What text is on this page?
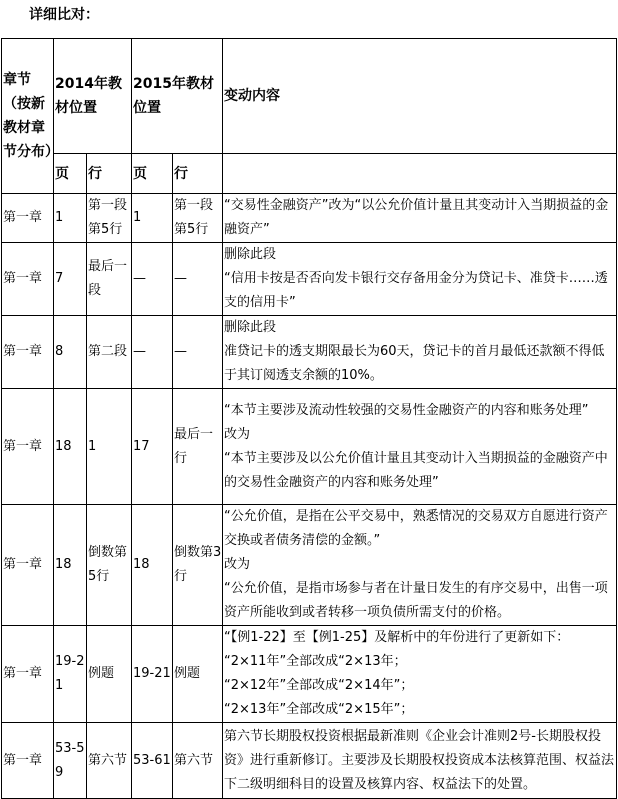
详细比对：
章节（按新教材章节分布）	2014年教材位置		2015年教材位置		变动内容
	页	行	页	行	
第一章	1	第一段第5行	1	第一段第5行	“交易性金融资产”改为“以公允价值计量且其变动计入当期损益的金融资产”

第一章	7	最后一段	—	—	删除此段
“信用卡按是否否向发卡银行交存备用金分为贷记卡、准贷卡……透支的信用卡”

第一章	8	第二段	—	—	删除此段
准贷记卡的透支期限最长为60天，贷记卡的首月最低还款额不得低于其订阅透支余额的10%。

第一章	18	1	17	最后一行	“本节主要涉及流动性较强的交易性金融资产的内容和账务处理”
改为
“本节主要涉及以公允价值计量且其变动计入当期损益的金融资产中的交易性金融资产的内容和账务处理”

第一章	18	倒数第5行	18	倒数第3行	“公允价值，是指在公平交易中，熟悉情况的交易双方自愿进行资产交换或者债务清偿的金额。”
改为
“公允价值，是指市场参与者在计量日发生的有序交易中，出售一项资产所能收到或者转移一项负债所需支付的价格。

第一章	19-21	例题	19-21	例题	“【例1-22】至【例1-25】及解析中的年份进行了更新如下：
“2×11年”全部改成“2×13年；
“2×12年”全部改成“2×14年”；
“2×13年”全部改成“2×15年”；

第一章	53-59	第六节	53-61	第六节	第六节长期股权投资根据最新准则《企业会计准则2号-长期股权投资》进行重新修订。主要涉及长期股权投资成本法核算范围、权益法下二级明细科目的设置及核算内容、权益法下的处置。
